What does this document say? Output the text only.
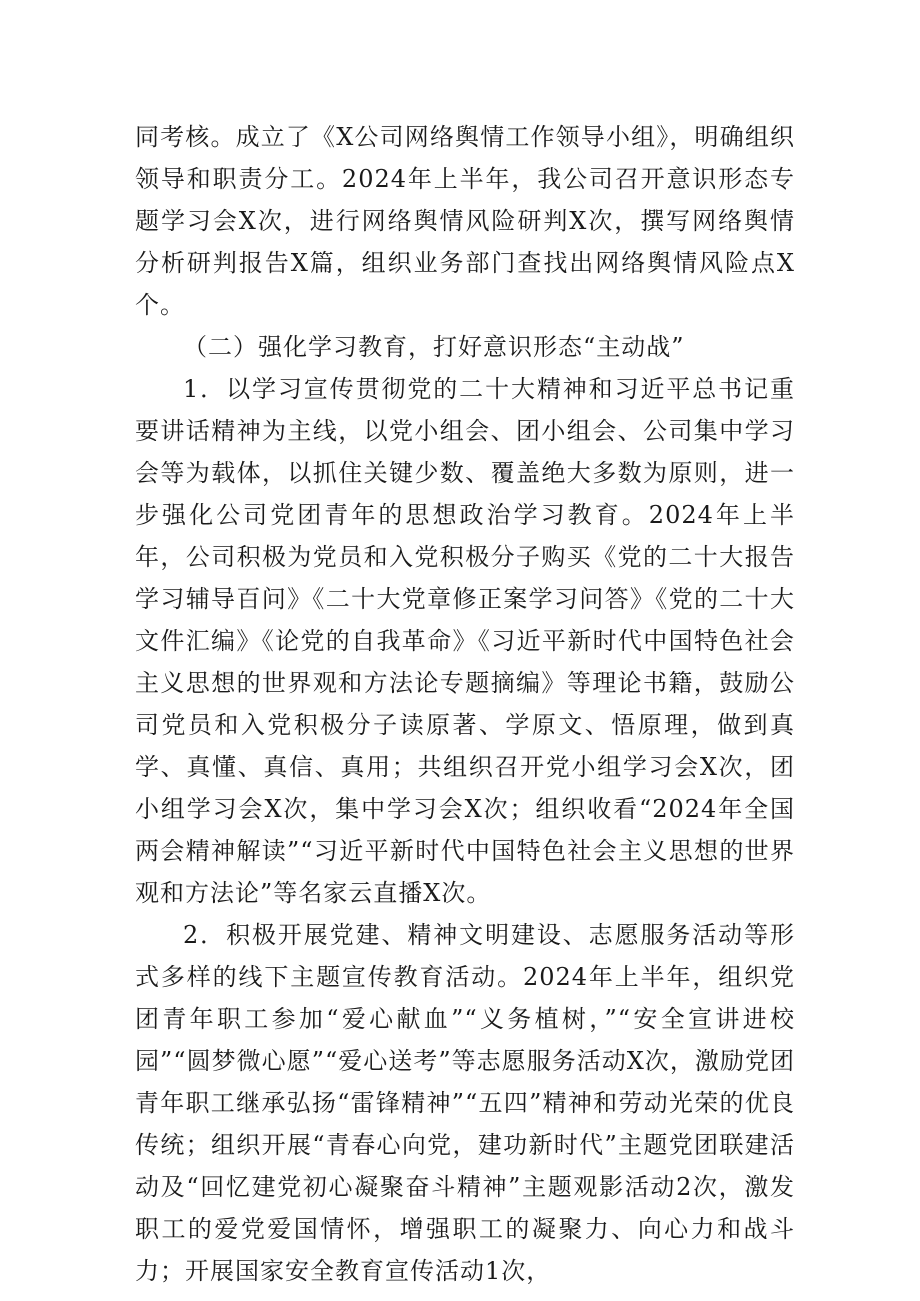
同考核。成立了《X公司网络舆情工作领导小组》，明确组织领导和职责分工。2024年上半年，我公司召开意识形态专题学习会X次，进行网络舆情风险研判X次，撰写网络舆情分析研判报告X篇，组织业务部门查找出网络舆情风险点X个。

（二）强化学习教育，打好意识形态“主动战”

1．以学习宣传贯彻党的二十大精神和习近平总书记重要讲话精神为主线，以党小组会、团小组会、公司集中学习会等为载体，以抓住关键少数、覆盖绝大多数为原则，进一步强化公司党团青年的思想政治学习教育。2024年上半年，公司积极为党员和入党积极分子购买《党的二十大报告学习辅导百问》《二十大党章修正案学习问答》《党的二十大文件汇编》《论党的自我革命》《习近平新时代中国特色社会主义思想的世界观和方法论专题摘编》等理论书籍，鼓励公司党员和入党积极分子读原著、学原文、悟原理，做到真学、真懂、真信、真用；共组织召开党小组学习会X次，团小组学习会X次，集中学习会X次；组织收看“2024年全国两会精神解读”“习近平新时代中国特色社会主义思想的世界观和方法论”等名家云直播X次。

2．积极开展党建、精神文明建设、志愿服务活动等形式多样的线下主题宣传教育活动。2024年上半年，组织党团青年职工参加“爱心献血”“义务植树，”“安全宣讲进校园”“圆梦微心愿”“爱心送考”等志愿服务活动X次，激励党团青年职工继承弘扬“雷锋精神”“五四”精神和劳动光荣的优良传统；组织开展“青春心向党，建功新时代”主题党团联建活动及“回忆建党初心凝聚奋斗精神”主题观影活动2次，激发职工的爱党爱国情怀，增强职工的凝聚力、向心力和战斗力；开展国家安全教育宣传活动1次，
